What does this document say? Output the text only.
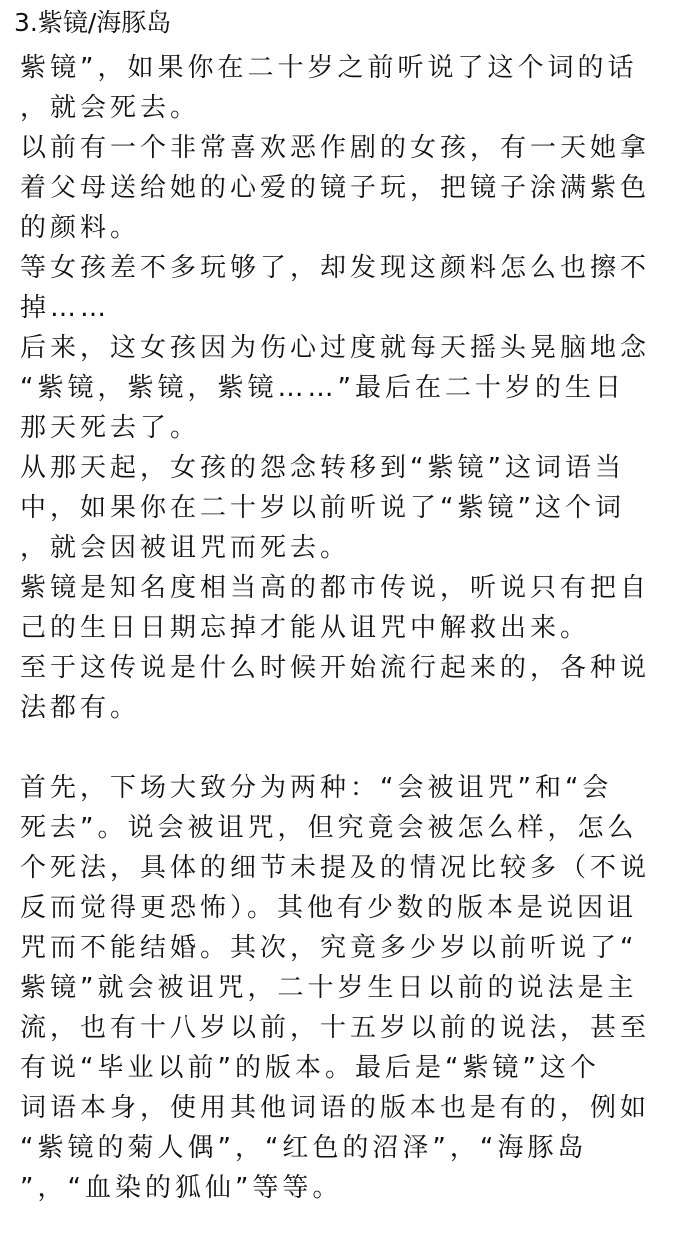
3.紫镜/海豚岛
紫镜”，如果你在二十岁之前听说了这个词的话
，就会死去。
以前有一个非常喜欢恶作剧的女孩，有一天她拿
着父母送给她的心爱的镜子玩，把镜子涂满紫色
的颜料。
等女孩差不多玩够了，却发现这颜料怎么也擦不
掉……
后来，这女孩因为伤心过度就每天摇头晃脑地念
“紫镜，紫镜，紫镜……”最后在二十岁的生日
那天死去了。
从那天起，女孩的怨念转移到“紫镜”这词语当
中，如果你在二十岁以前听说了“紫镜”这个词
，就会因被诅咒而死去。
紫镜是知名度相当高的都市传说，听说只有把自
己的生日日期忘掉才能从诅咒中解救出来。
至于这传说是什么时候开始流行起来的，各种说
法都有。
首先，下场大致分为两种：“会被诅咒”和“会
死去”。说会被诅咒，但究竟会被怎么样，怎么
个死法，具体的细节未提及的情况比较多（不说
反而觉得更恐怖）。其他有少数的版本是说因诅
咒而不能结婚。其次，究竟多少岁以前听说了“
紫镜”就会被诅咒，二十岁生日以前的说法是主
流，也有十八岁以前，十五岁以前的说法，甚至
有说“毕业以前”的版本。最后是“紫镜”这个
词语本身，使用其他词语的版本也是有的，例如
“紫镜的菊人偶”，“红色的沼泽”，“海豚岛
”，“血染的狐仙”等等。
